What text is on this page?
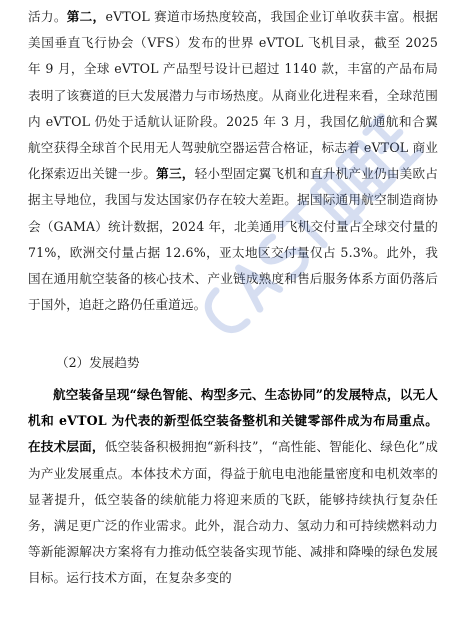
活力。第二，eVTOL 赛道市场热度较高，我国企业订单收获丰富。根据美国垂直飞行协会（VFS）发布的世界 eVTOL 飞机目录，截至 2025 年 9 月，全球 eVTOL 产品型号设计已超过 1140 款，丰富的产品布局表明了该赛道的巨大发展潜力与市场热度。从商业化进程来看，全球范围内 eVTOL 仍处于适航认证阶段。2025 年 3 月，我国亿航通航和合翼航空获得全球首个民用无人驾驶航空器运营合格证，标志着 eVTOL 商业化探索迈出关键一步。第三，轻小型固定翼飞机和直升机产业仍由美欧占据主导地位，我国与发达国家仍存在较大差距。据国际通用航空制造商协会（GAMA）统计数据，2024 年，北美通用飞机交付量占全球交付量的 71%，欧洲交付量占据 12.6%，亚太地区交付量仅占 5.3%。此外，我国在通用航空装备的核心技术、产业链成熟度和售后服务体系方面仍落后于国外，追赶之路仍任重道远。

（2）发展趋势

航空装备呈现“绿色智能、构型多元、生态协同”的发展特点，以无人机和 eVTOL 为代表的新型低空装备整机和关键零部件成为布局重点。在技术层面，低空装备积极拥抱“新科技”，“高性能、智能化、绿色化”成为产业发展重点。本体技术方面，得益于航电电池能量密度和电机效率的显著提升，低空装备的续航能力将迎来质的飞跃，能够持续执行复杂任务，满足更广泛的作业需求。此外，混合动力、氢动力和可持续燃料动力等新能源解决方案将有力推动低空装备实现节能、减排和降噪的绿色发展目标。运行技术方面，在复杂多变的
